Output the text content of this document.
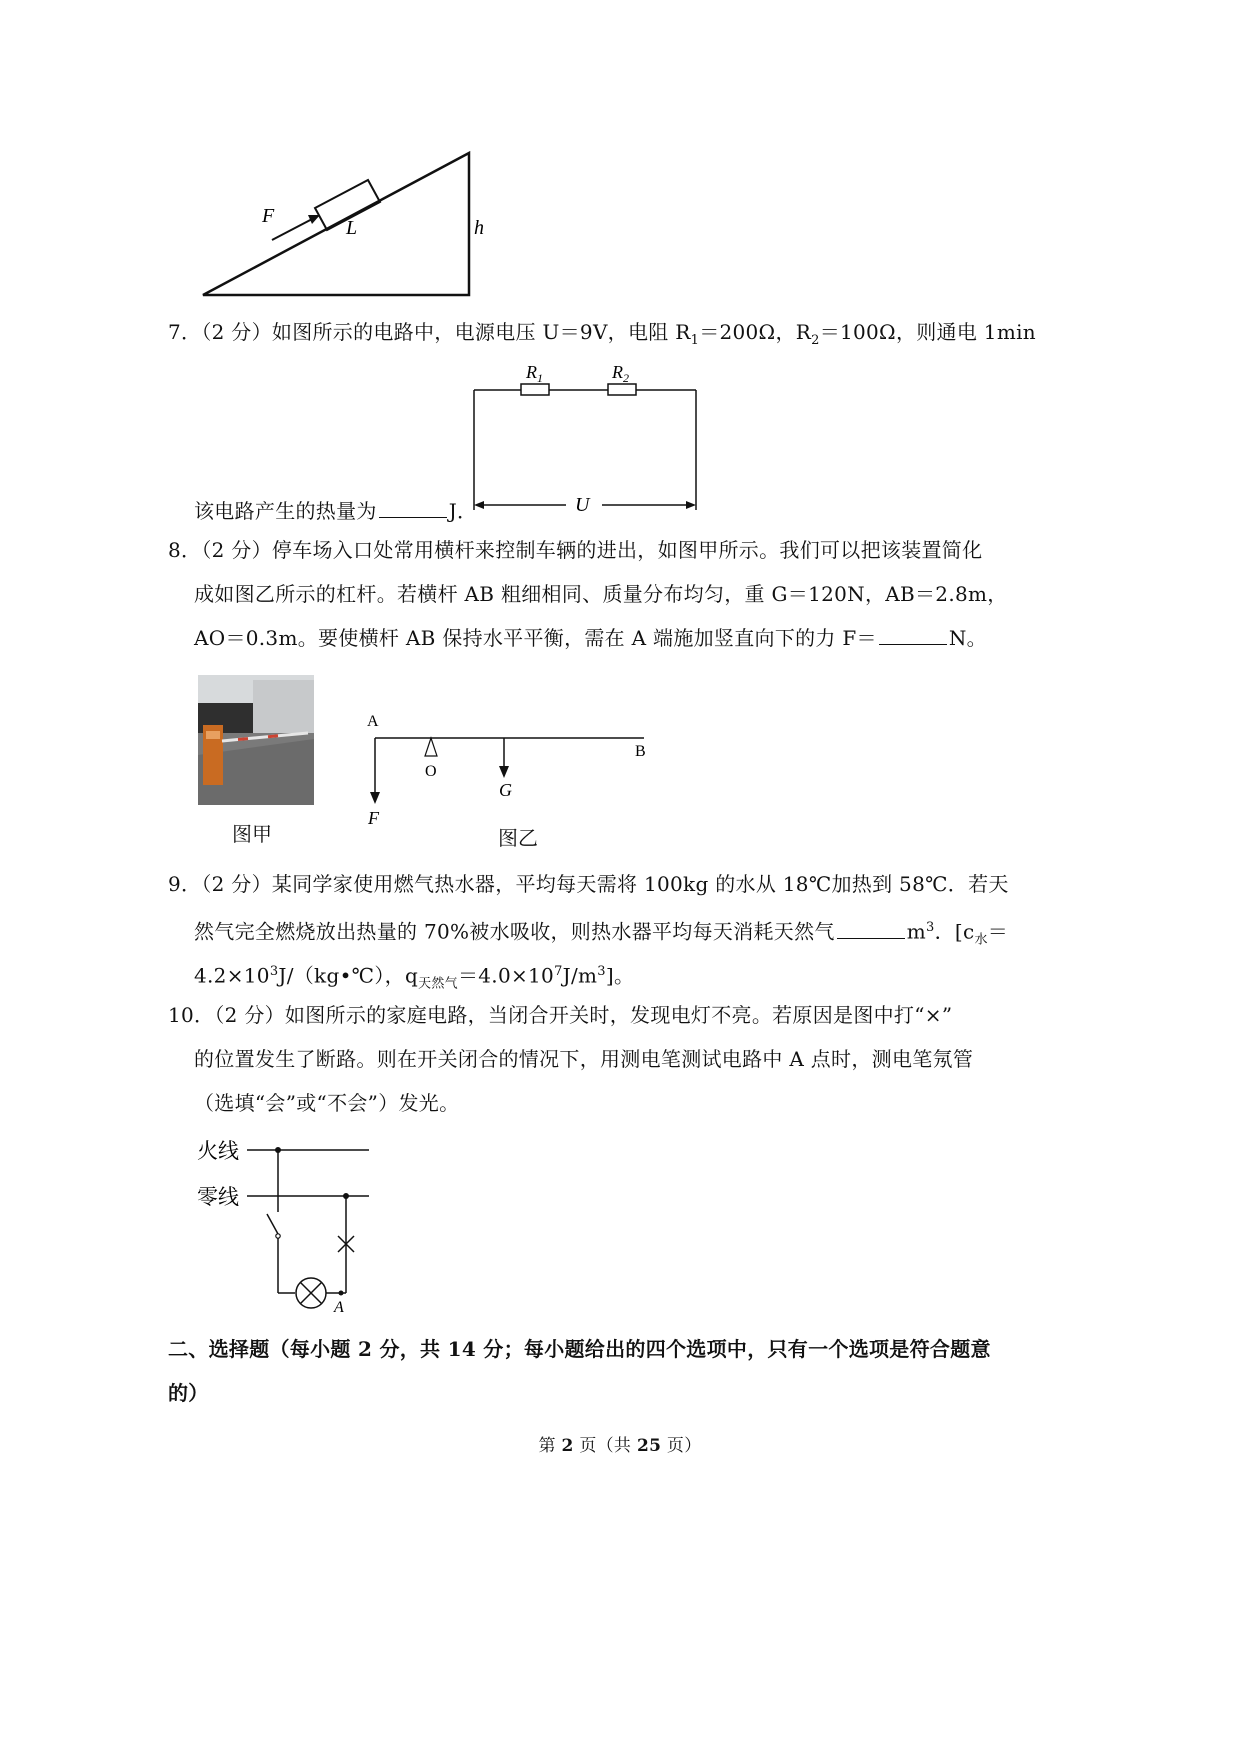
F
L	h
7．（2 分）如图所示的电路中，电源电压 U＝9V，电阻 $R_1=200\Omega$，$R_2=100\Omega$，则通电 1min
$R_1$	$R_2$
U
该电路产生的热量为	J．
8．（2 分）停车场入口处常用横杆来控制车辆的进出，如图甲所示。我们可以把该装置简化
成如图乙所示的杠杆。若横杆 AB 粗细相同、质量分布均匀，重 G＝120N，AB＝2.8m，
AO＝0.3m。要使横杆 AB 保持水平平衡，需在 A 端施加竖直向下的力 F＝	N。
图甲
A
B
O
G
F
图乙
9．（2 分）某同学家使用燃气热水器，平均每天需将 100kg 的水从 18℃加热到 58℃．若天
然气完全燃烧放出热量的 70%被水吸收，则热水器平均每天消耗天然气	$m^3$．[$c_水=$
$4.2\times 10^3J/(kg•℃)$，$q_{天然气}=4.0\times 10^7J/m^3$]。
10．（2 分）如图所示的家庭电路，当闭合开关时，发现电灯不亮。若原因是图中打“×”
的位置发生了断路。则在开关闭合的情况下，用测电笔测试电路中 A 点时，测电笔氖管
（选填“会”或“不会”）发光。
火线
零线
A
二、选择题（每小题 2 分，共 14 分；每小题给出的四个选项中，只有一个选项是符合题意
的）
第 2 页（共 25 页）
